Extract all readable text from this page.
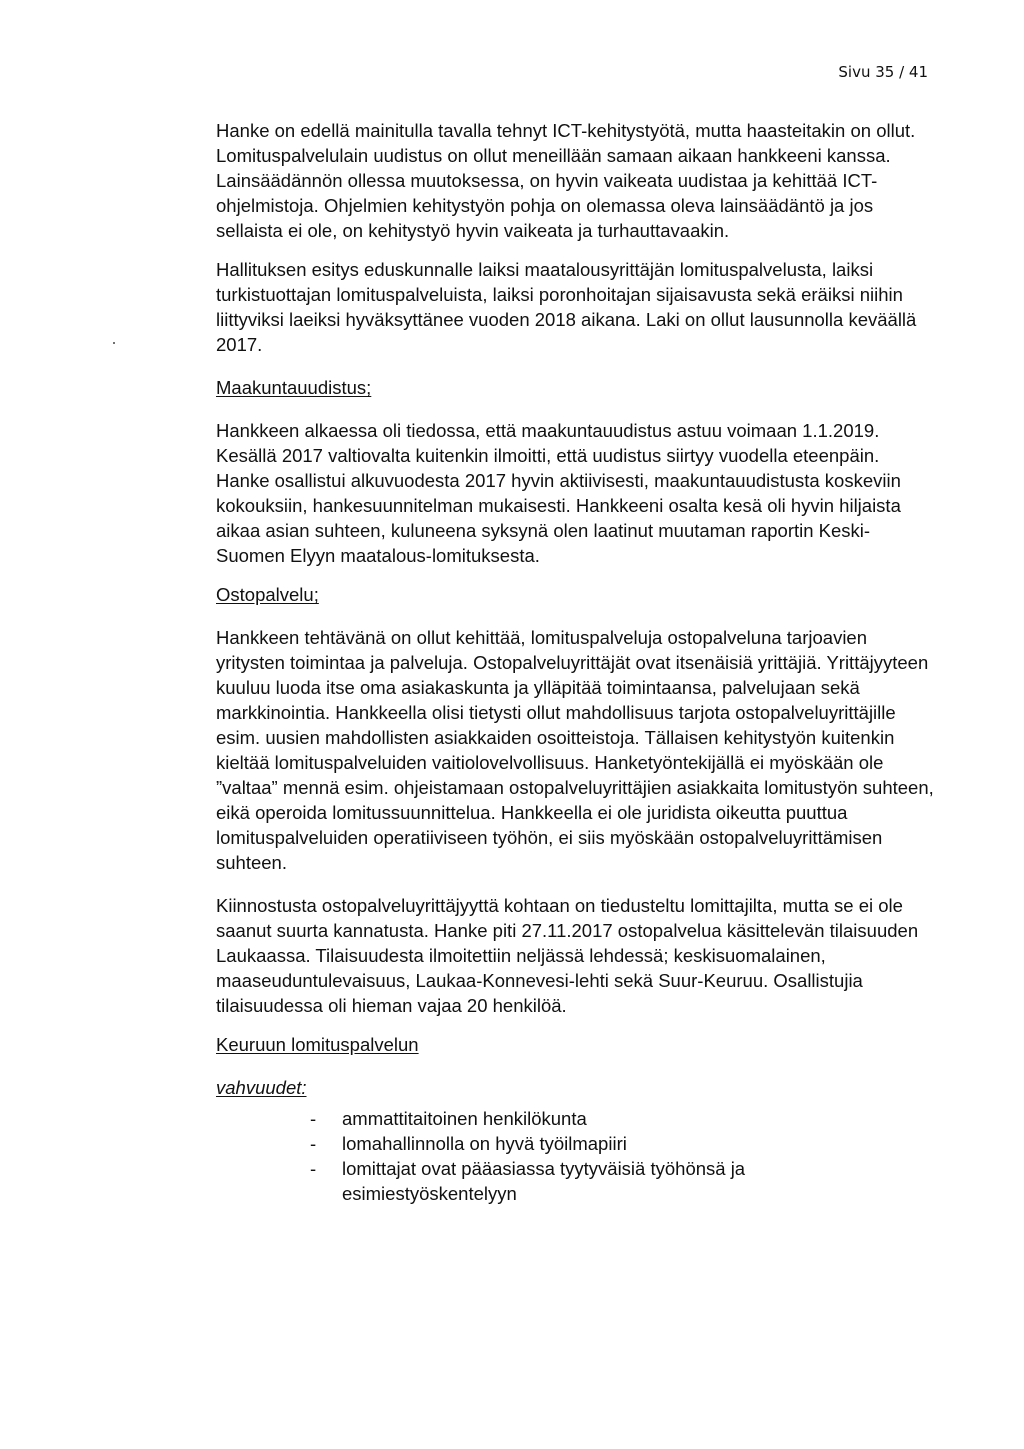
Sivu 35 / 41

Hanke on edellä mainitulla tavalla tehnyt ICT-kehitystyötä, mutta haasteitakin on ollut. Lomituspalvelulain uudistus on ollut meneillään samaan aikaan hankkeeni kanssa. Lainsäädännön ollessa muutoksessa, on hyvin vaikeata uudistaa ja kehittää ICT-ohjelmistoja. Ohjelmien kehitystyön pohja on olemassa oleva lainsäädäntö ja jos sellaista ei ole, on kehitystyö hyvin vaikeata ja turhauttavaakin.

Hallituksen esitys eduskunnalle laiksi maatalousyrittäjän lomituspalvelusta, laiksi turkistuottajan lomituspalveluista, laiksi poronhoitajan sijaisavusta sekä eräiksi niihin liittyviksi laeiksi hyväksyttänee vuoden 2018 aikana. Laki on ollut lausunnolla keväällä 2017.

Maakuntauudistus;

Hankkeen alkaessa oli tiedossa, että maakuntauudistus astuu voimaan 1.1.2019. Kesällä 2017 valtiovalta kuitenkin ilmoitti, että uudistus siirtyy vuodella eteenpäin. Hanke osallistui alkuvuodesta 2017 hyvin aktiivisesti, maakuntauudistusta koskeviin kokouksiin, hankesuunnitelman mukaisesti. Hankkeeni osalta kesä oli hyvin hiljaista aikaa asian suhteen, kuluneena syksynä olen laatinut muutaman raportin Keski-Suomen Elyyn maatalous-lomituksesta.

Ostopalvelu;

Hankkeen tehtävänä on ollut kehittää, lomituspalveluja ostopalveluna tarjoavien yritysten toimintaa ja palveluja. Ostopalveluyrittäjät ovat itsenäisiä yrittäjiä. Yrittäjyyteen kuuluu luoda itse oma asiakaskunta ja ylläpitää toimintaansa, palvelujaan sekä markkinointia. Hankkeella olisi tietysti ollut mahdollisuus tarjota ostopalveluyrittäjille esim. uusien mahdollisten asiakkaiden osoitteistoja. Tällaisen kehitystyön kuitenkin kieltää lomituspalveluiden vaitiolovelvollisuus. Hanketyöntekijällä ei myöskään ole ”valtaa” mennä esim. ohjeistamaan ostopalveluyrittäjien asiakkaita lomitustyön suhteen, eikä operoida lomitussuunnittelua. Hankkeella ei ole juridista oikeutta puuttua lomituspalveluiden operatiiviseen työhön, ei siis myöskään ostopalveluyrittämisen suhteen.

Kiinnostusta ostopalveluyrittäjyyttä kohtaan on tiedusteltu lomittajilta, mutta se ei ole saanut suurta kannatusta. Hanke piti 27.11.2017 ostopalvelua käsittelevän tilaisuuden Laukaassa. Tilaisuudesta ilmoitettiin neljässä lehdessä; keskisuomalainen, maaseuduntulevaisuus, Laukaa-Konnevesi-lehti sekä Suur-Keuruu. Osallistujia tilaisuudessa oli hieman vajaa 20 henkilöä.

Keuruun lomituspalvelun

vahvuudet:

- ammattitaitoinen henkilökunta
- lomahallinnolla on hyvä työilmapiiri
- lomittajat ovat pääasiassa tyytyväisiä työhönsä ja esimiestyöskentelyyn
